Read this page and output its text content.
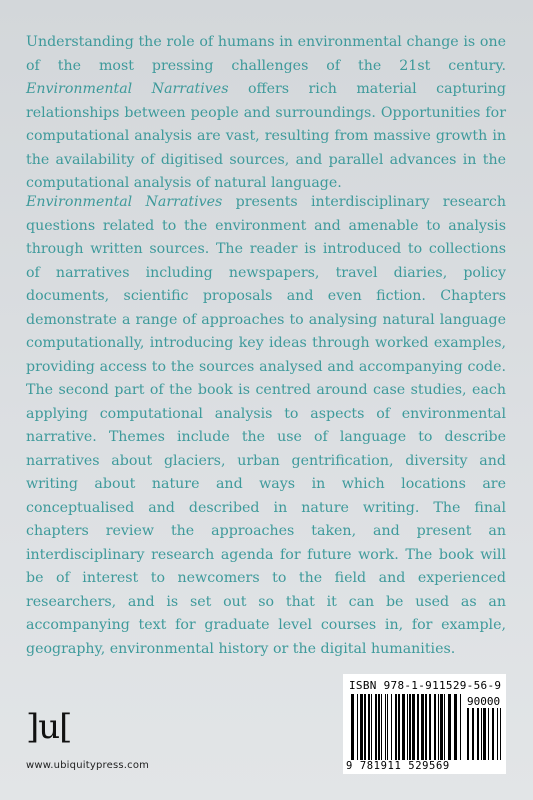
Understanding the role of humans in environmental change is one of the most pressing challenges of the 21st century. Environmental Narratives offers rich material capturing relationships between people and surroundings. Opportunities for computational analysis are vast, resulting from massive growth in the availability of digitised sources, and parallel advances in the computational analysis of natural language.

Environmental Narratives presents interdisciplinary research questions related to the environment and amenable to analysis through written sources. The reader is introduced to collections of narratives including newspapers, travel diaries, policy documents, scientific proposals and even fiction. Chapters demonstrate a range of approaches to analysing natural language computationally, introducing key ideas through worked examples, providing access to the sources analysed and accompanying code. The second part of the book is centred around case studies, each applying computational analysis to aspects of environmental narrative. Themes include the use of language to describe narratives about glaciers, urban gentrification, diversity and writing about nature and ways in which locations are conceptualised and described in nature writing. The final chapters review the approaches taken, and present an interdisciplinary research agenda for future work. The book will be of interest to newcomers to the field and experienced researchers, and is set out so that it can be used as an accompanying text for graduate level courses in, for example, geography, environmental history or the digital humanities.

]u[
www.ubiquitypress.com
ISBN 978-1-911529-56-9
90000
9 781911 529569
